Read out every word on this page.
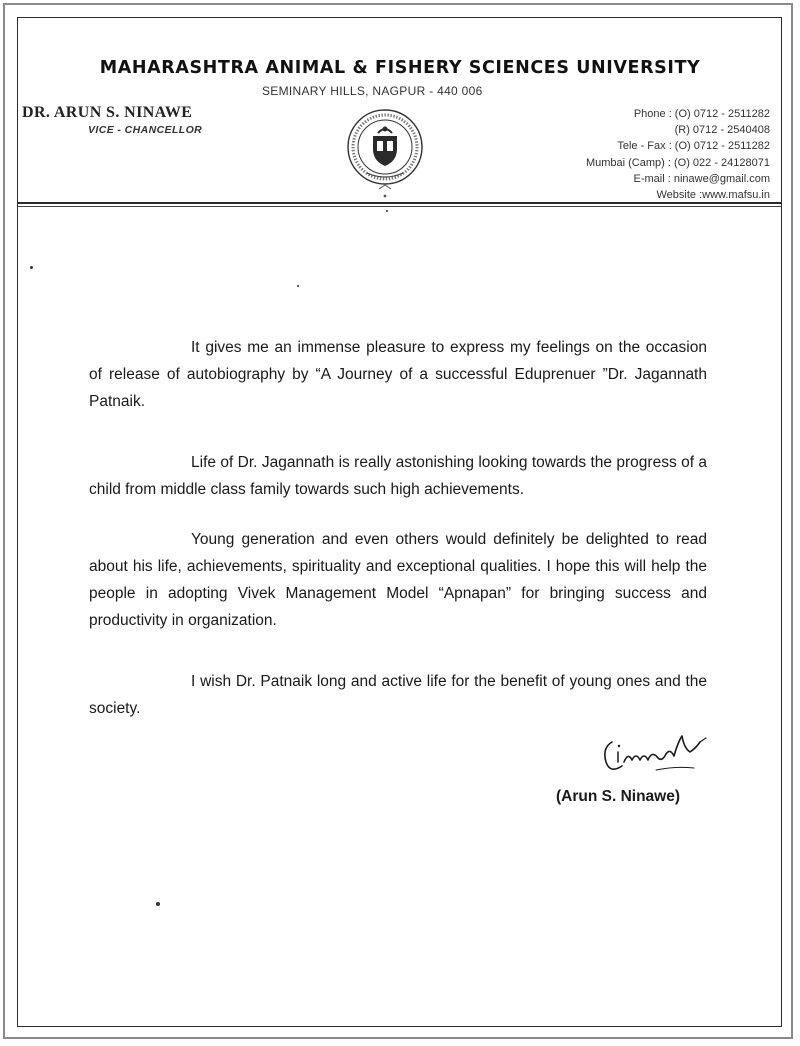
MAHARASHTRA ANIMAL & FISHERY SCIENCES UNIVERSITY
SEMINARY HILLS, NAGPUR - 440 006
DR. ARUN S. NINAWE
VICE - CHANCELLOR
Phone : (O) 0712 - 2511282
(R) 0712 - 2540408
Tele - Fax : (O) 0712 - 2511282
Mumbai (Camp) : (O) 022 - 24128071
E-mail : ninawe@gmail.com
Website :www.mafsu.in

It gives me an immense pleasure to express my feelings on the occasion of release of autobiography by “A Journey of a successful Eduprenuer ”Dr. Jagannath Patnaik.

Life of Dr. Jagannath is really astonishing looking towards the progress of a child from middle class family towards such high achievements.

Young generation and even others would definitely be delighted to read about his life, achievements, spirituality and exceptional qualities. I hope this will help the people in adopting Vivek Management Model “Apnapan” for bringing success and productivity in organization.

I wish Dr. Patnaik long and active life for the benefit of young ones and the society.

(Arun S. Ninawe)
